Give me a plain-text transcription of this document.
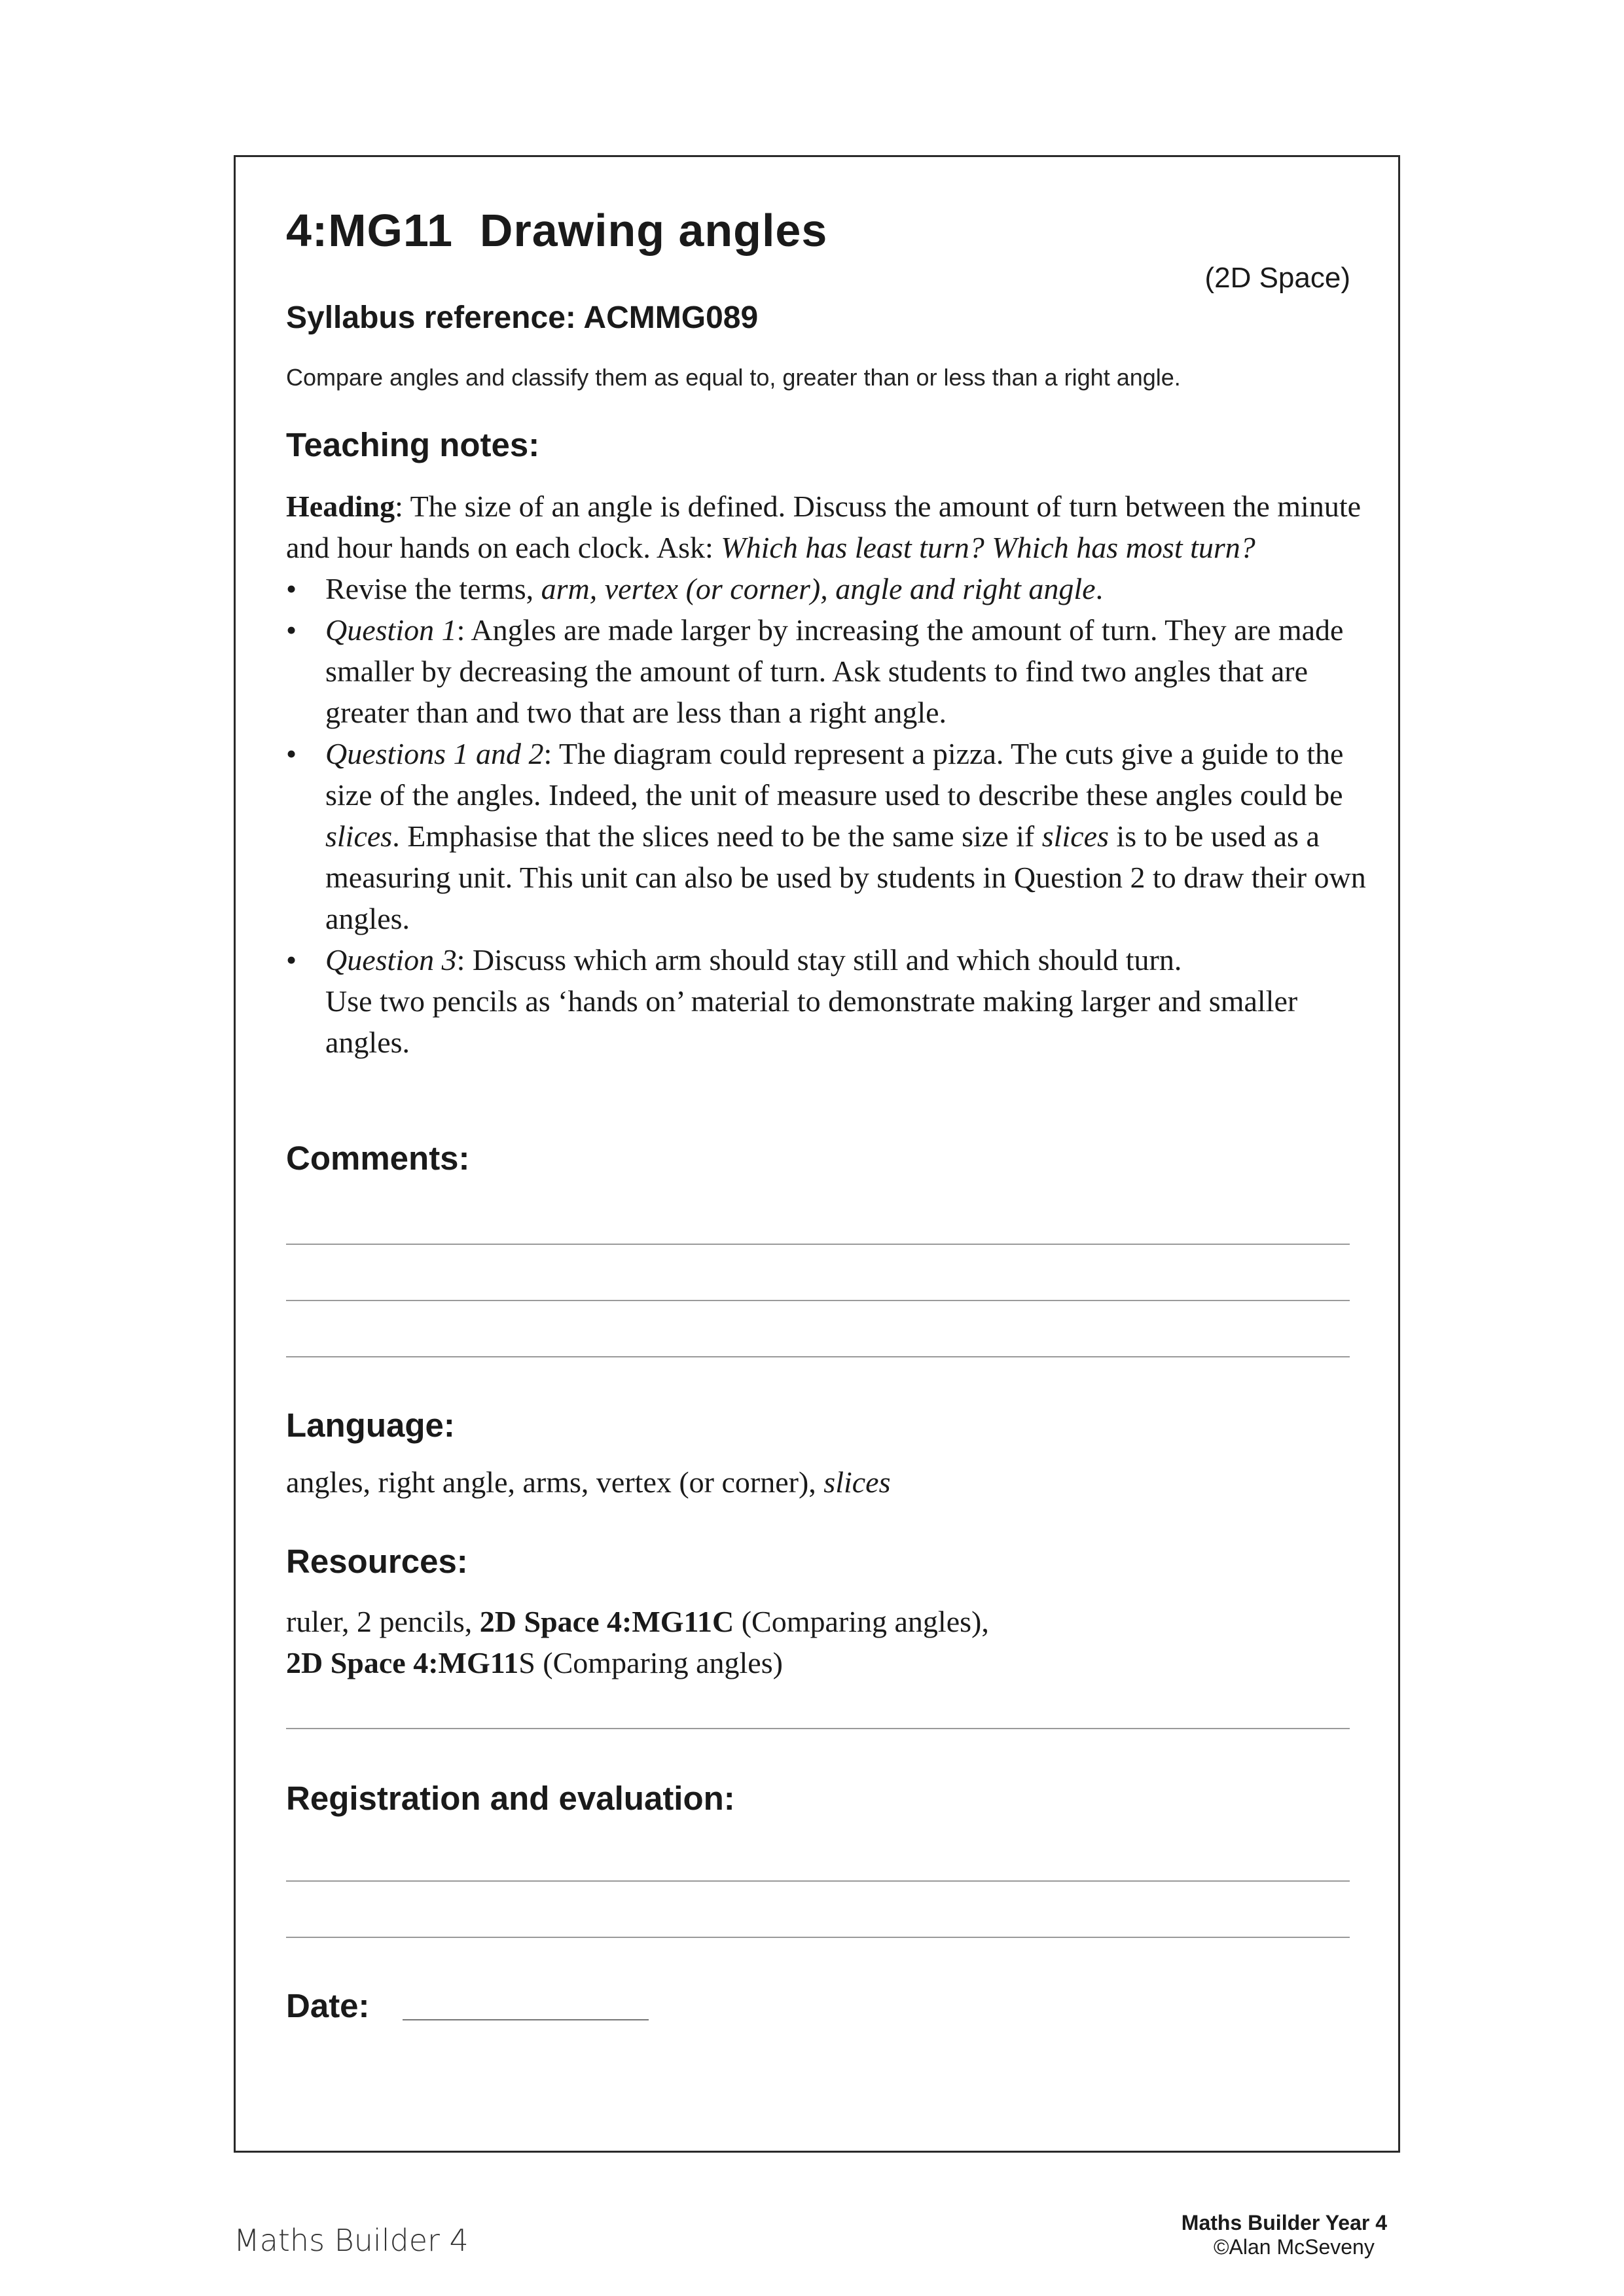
4:MG11 Drawing angles
(2D Space)
Syllabus reference: ACMMG089
Compare angles and classify them as equal to, greater than or less than a right angle.
Teaching notes:

Heading: The size of an angle is defined. Discuss the amount of turn between the minute and hour hands on each clock. Ask: Which has least turn? Which has most turn?

• Revise the terms, arm, vertex (or corner), angle and right angle.
• Question 1: Angles are made larger by increasing the amount of turn. They are made smaller by decreasing the amount of turn. Ask students to find two angles that are greater than and two that are less than a right angle.
• Questions 1 and 2: The diagram could represent a pizza. The cuts give a guide to the size of the angles. Indeed, the unit of measure used to describe these angles could be slices. Emphasise that the slices need to be the same size if slices is to be used as a measuring unit. This unit can also be used by students in Question 2 to draw their own angles.
• Question 3: Discuss which arm should stay still and which should turn.
Use two pencils as ‘hands on’ material to demonstrate making larger and smaller angles.
Comments:
Language:
angles, right angle, arms, vertex (or corner), slices
Resources:
ruler, 2 pencils, 2D Space 4:MG11C (Comparing angles),
2D Space 4:MG11S (Comparing angles)
Registration and evaluation:
Date:
Maths Builder 4	Maths Builder Year 4
©Alan McSeveny
